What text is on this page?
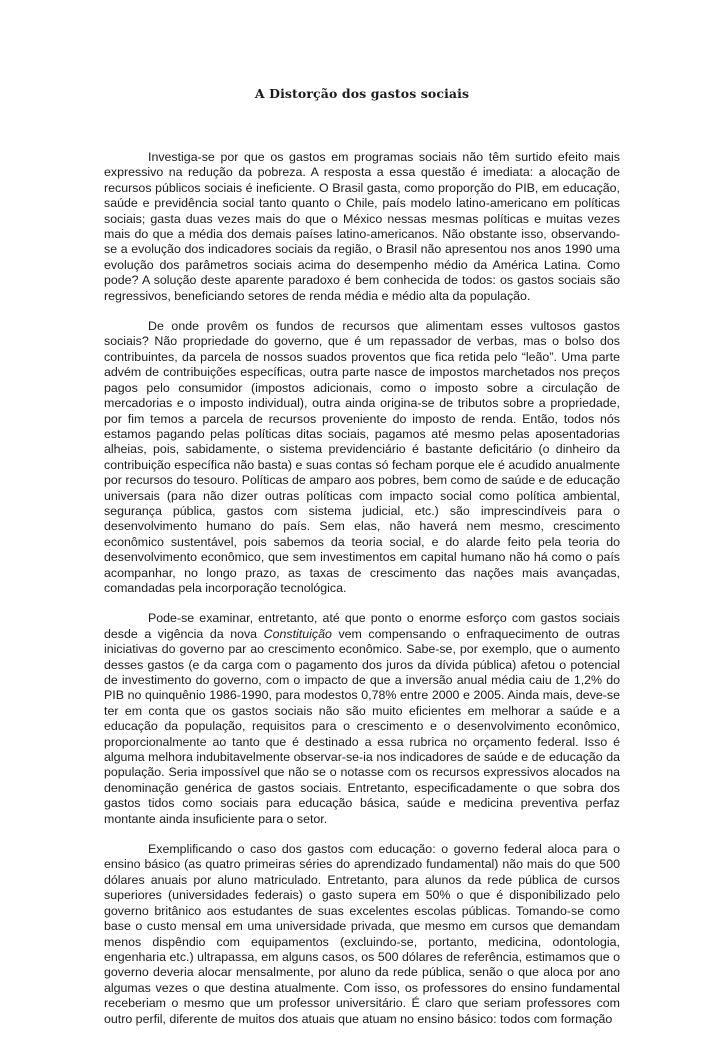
A Distorção dos gastos sociais

Investiga-se por que os gastos em programas sociais não têm surtido efeito mais expressivo na redução da pobreza. A resposta a essa questão é imediata: a alocação de recursos públicos sociais é ineficiente. O Brasil gasta, como proporção do PIB, em educação, saúde e previdência social tanto quanto o Chile, país modelo latino-americano em políticas sociais; gasta duas vezes mais do que o México nessas mesmas políticas e muitas vezes mais do que a média dos demais países latino-americanos. Não obstante isso, observando-se a evolução dos indicadores sociais da região, o Brasil não apresentou nos anos 1990 uma evolução dos parâmetros sociais acima do desempenho médio da América Latina. Como pode? A solução deste aparente paradoxo é bem conhecida de todos: os gastos sociais são regressivos, beneficiando setores de renda média e médio alta da população.

De onde provêm os fundos de recursos que alimentam esses vultosos gastos sociais? Não propriedade do governo, que é um repassador de verbas, mas o bolso dos contribuintes, da parcela de nossos suados proventos que fica retida pelo “leão”. Uma parte advém de contribuições específicas, outra parte nasce de impostos marchetados nos preços pagos pelo consumidor (impostos adicionais, como o imposto sobre a circulação de mercadorias e o imposto individual), outra ainda origina-se de tributos sobre a propriedade, por fim temos a parcela de recursos proveniente do imposto de renda. Então, todos nós estamos pagando pelas políticas ditas sociais, pagamos até mesmo pelas aposentadorias alheias, pois, sabidamente, o sistema previdenciário é bastante deficitário (o dinheiro da contribuição específica não basta) e suas contas só fecham porque ele é acudido anualmente por recursos do tesouro. Políticas de amparo aos pobres, bem como de saúde e de educação universais (para não dizer outras políticas com impacto social como política ambiental, segurança pública, gastos com sistema judicial, etc.) são imprescindíveis para o desenvolvimento humano do país. Sem elas, não haverá nem mesmo, crescimento econômico sustentável, pois sabemos da teoria social, e do alarde feito pela teoria do desenvolvimento econômico, que sem investimentos em capital humano não há como o país acompanhar, no longo prazo, as taxas de crescimento das nações mais avançadas, comandadas pela incorporação tecnológica.

Pode-se examinar, entretanto, até que ponto o enorme esforço com gastos sociais desde a vigência da nova Constituição vem compensando o enfraquecimento de outras iniciativas do governo par ao crescimento econômico. Sabe-se, por exemplo, que o aumento desses gastos (e da carga com o pagamento dos juros da dívida pública) afetou o potencial de investimento do governo, com o impacto de que a inversão anual média caiu de 1,2% do PIB no quinquênio 1986-1990, para modestos 0,78% entre 2000 e 2005. Ainda mais, deve-se ter em conta que os gastos sociais não são muito eficientes em melhorar a saúde e a educação da população, requisitos para o crescimento e o desenvolvimento econômico, proporcionalmente ao tanto que é destinado a essa rubrica no orçamento federal. Isso é alguma melhora indubitavelmente observar-se-ia nos indicadores de saúde e de educação da população. Seria impossível que não se o notasse com os recursos expressivos alocados na denominação genérica de gastos sociais. Entretanto, especificadamente o que sobra dos gastos tidos como sociais para educação básica, saúde e medicina preventiva perfaz montante ainda insuficiente para o setor.

Exemplificando o caso dos gastos com educação: o governo federal aloca para o ensino básico (as quatro primeiras séries do aprendizado fundamental) não mais do que 500 dólares anuais por aluno matriculado. Entretanto, para alunos da rede pública de cursos superiores (universidades federais) o gasto supera em 50% o que é disponibilizado pelo governo britânico aos estudantes de suas excelentes escolas públicas. Tomando-se como base o custo mensal em uma universidade privada, que mesmo em cursos que demandam menos dispêndio com equipamentos (excluindo-se, portanto, medicina, odontologia, engenharia etc.) ultrapassa, em alguns casos, os 500 dólares de referência, estimamos que o governo deveria alocar mensalmente, por aluno da rede pública, senão o que aloca por ano algumas vezes o que destina atualmente. Com isso, os professores do ensino fundamental receberiam o mesmo que um professor universitário. É claro que seriam professores com outro perfil, diferente de muitos dos atuais que atuam no ensino básico: todos com formação
